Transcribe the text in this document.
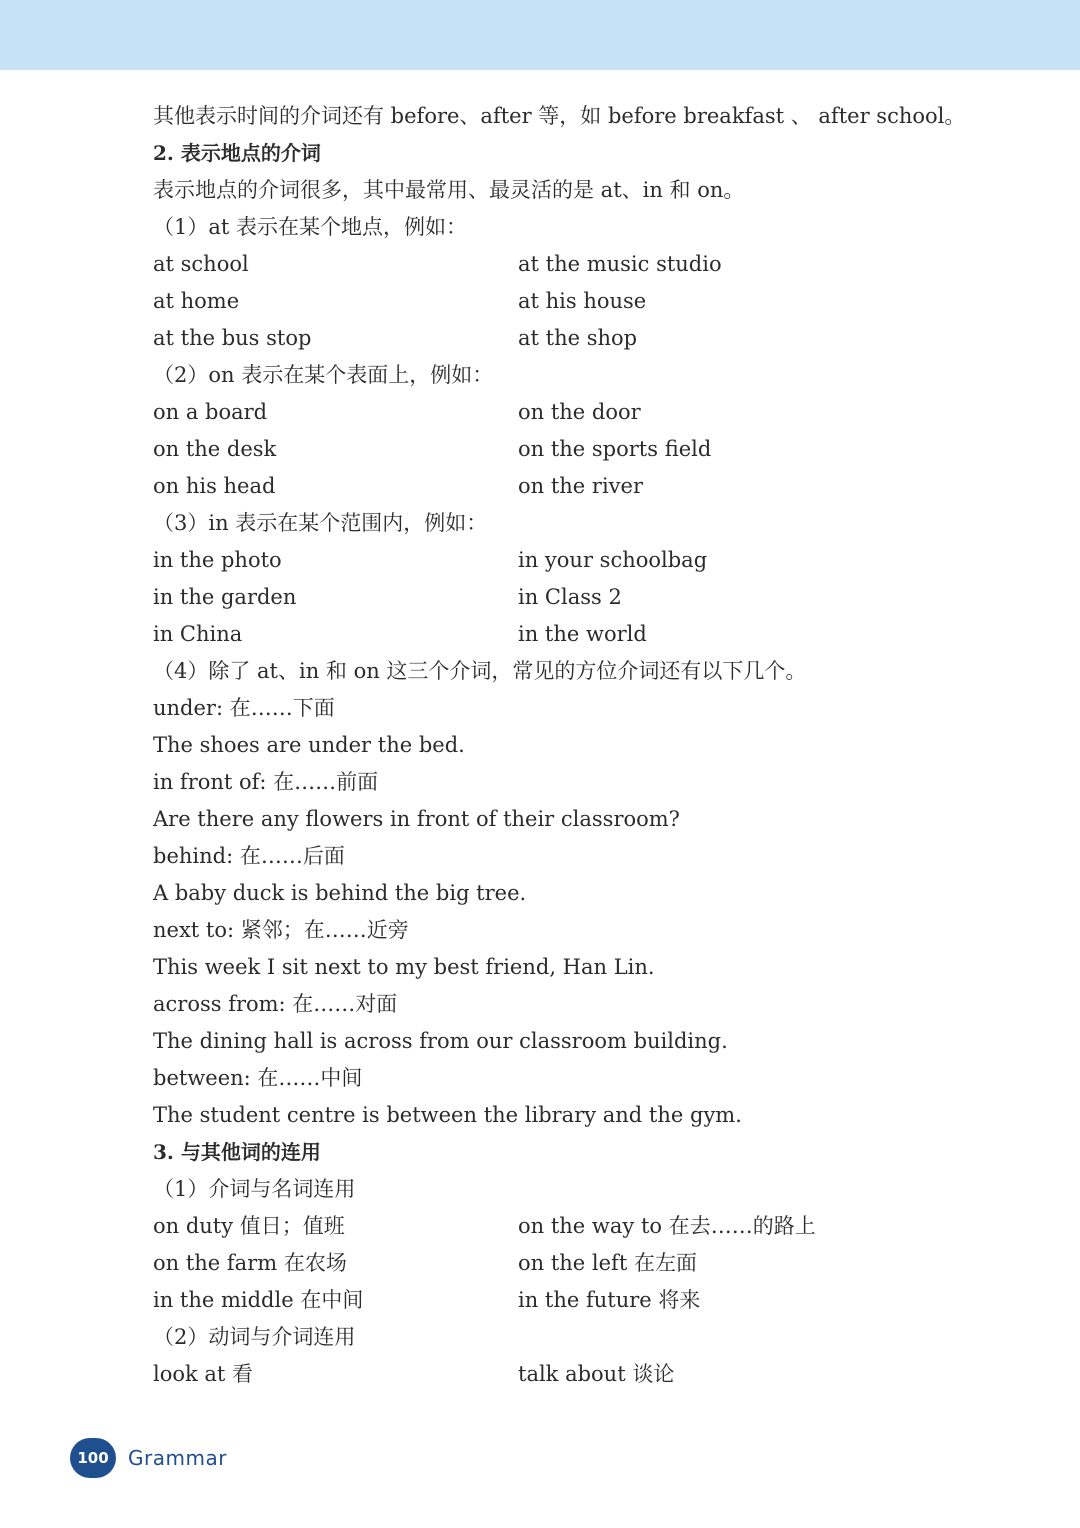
其他表示时间的介词还有 before、after 等，如 before breakfast 、 after school。
2. 表示地点的介词
表示地点的介词很多，其中最常用、最灵活的是 at、in 和 on。
（1）at 表示在某个地点，例如：
at school	at the music studio
at home	at his house
at the bus stop	at the shop
（2）on 表示在某个表面上，例如：
on a board	on the door
on the desk	on the sports field
on his head	on the river
（3）in 表示在某个范围内，例如：
in the photo	in your schoolbag
in the garden	in Class 2
in China	in the world
（4）除了 at、in 和 on 这三个介词，常见的方位介词还有以下几个。
under: 在……下面
The shoes are under the bed.
in front of: 在……前面
Are there any flowers in front of their classroom?
behind: 在……后面
A baby duck is behind the big tree.
next to: 紧邻；在……近旁
This week I sit next to my best friend, Han Lin.
across from: 在……对面
The dining hall is across from our classroom building.
between: 在……中间
The student centre is between the library and the gym.
3. 与其他词的连用
（1）介词与名词连用
on duty 值日；值班	on the way to 在去……的路上
on the farm 在农场	on the left 在左面
in the middle 在中间	in the future 将来
（2）动词与介词连用
look at 看	talk about 谈论
100 Grammar
